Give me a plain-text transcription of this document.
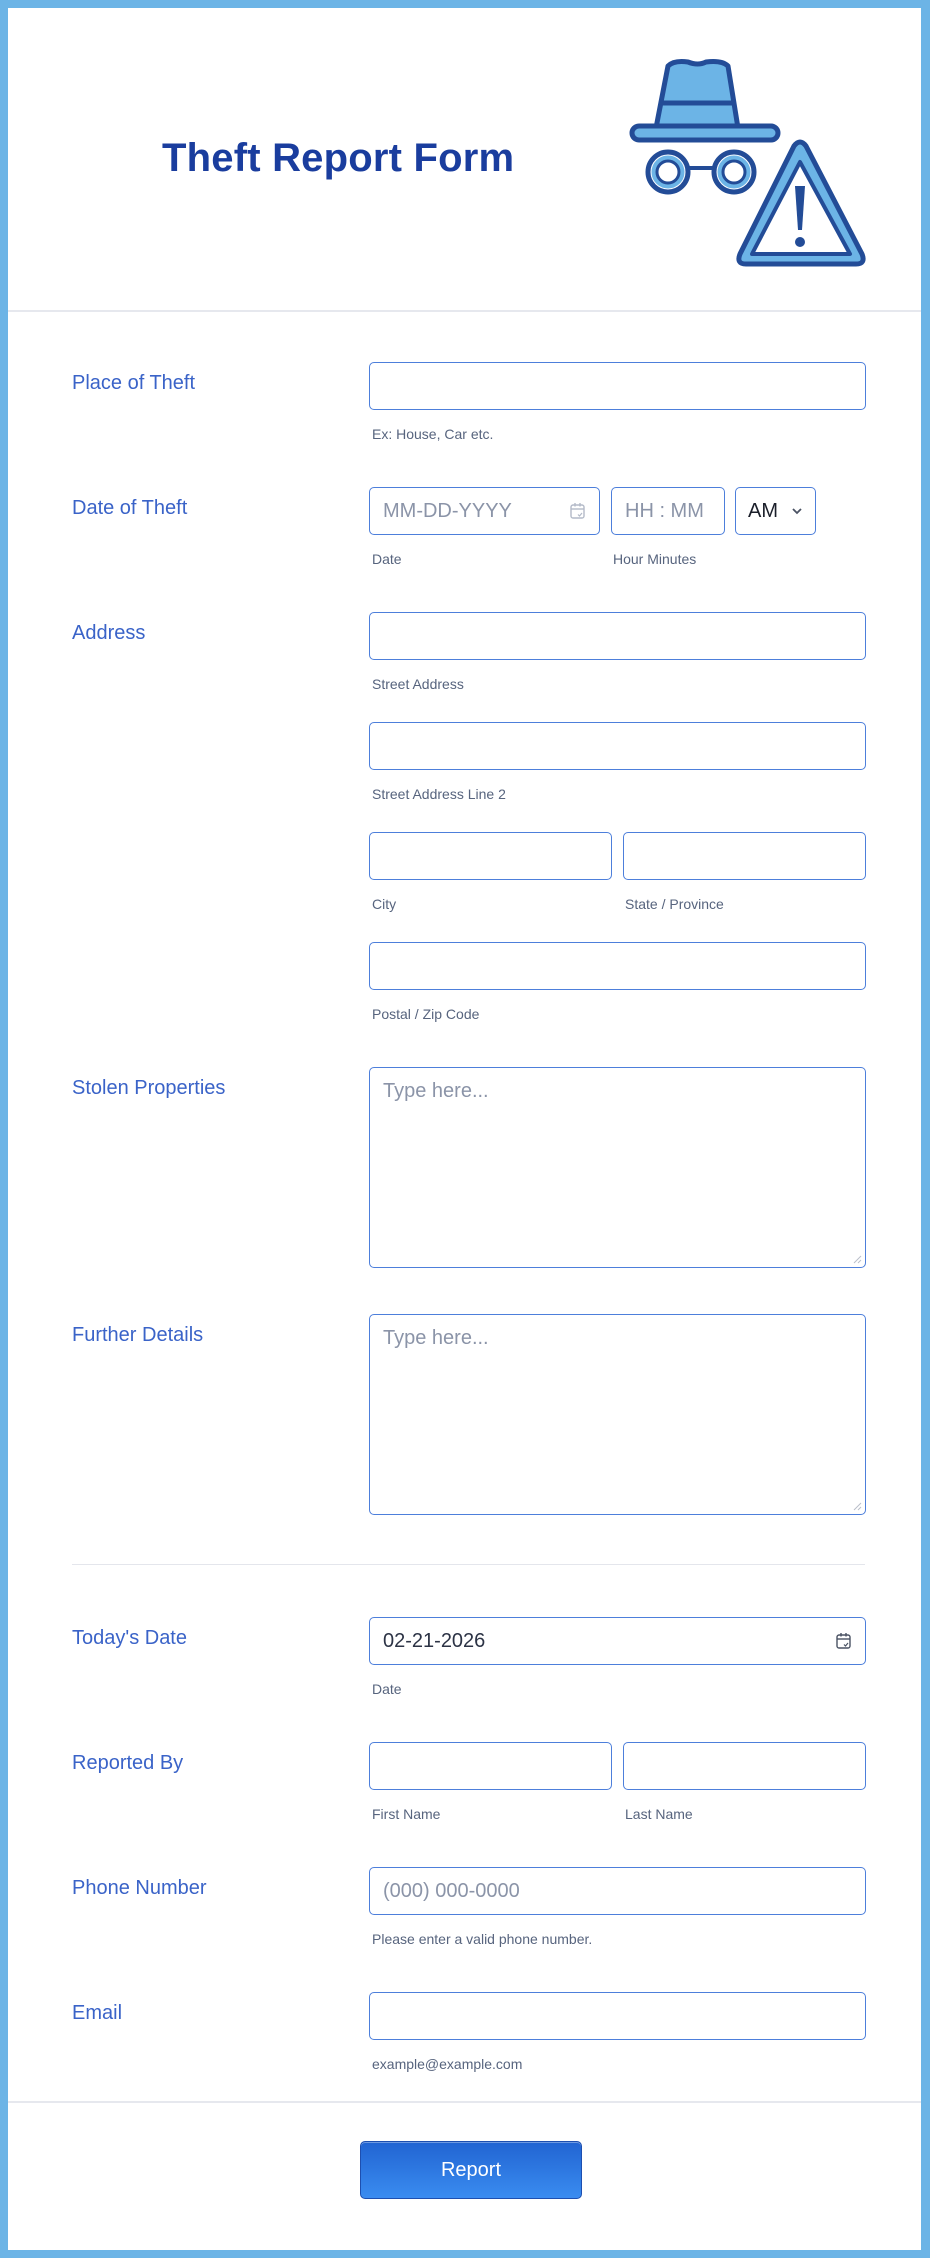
Theft Report Form
Place of Theft
Ex: House, Car etc.
Date of Theft	MM-DD-YYYY	HH : MM AM
Date	Hour Minutes
Address
Street Address
Street Address Line 2
City	State / Province
Postal / Zip Code
Stolen Properties	Type here...
Further Details	Type here...
Today's Date	02-21-2026
Date
Reported By
First Name	Last Name
Phone Number	(000) 000-0000
Please enter a valid phone number.
Email
example@example.com
Report
